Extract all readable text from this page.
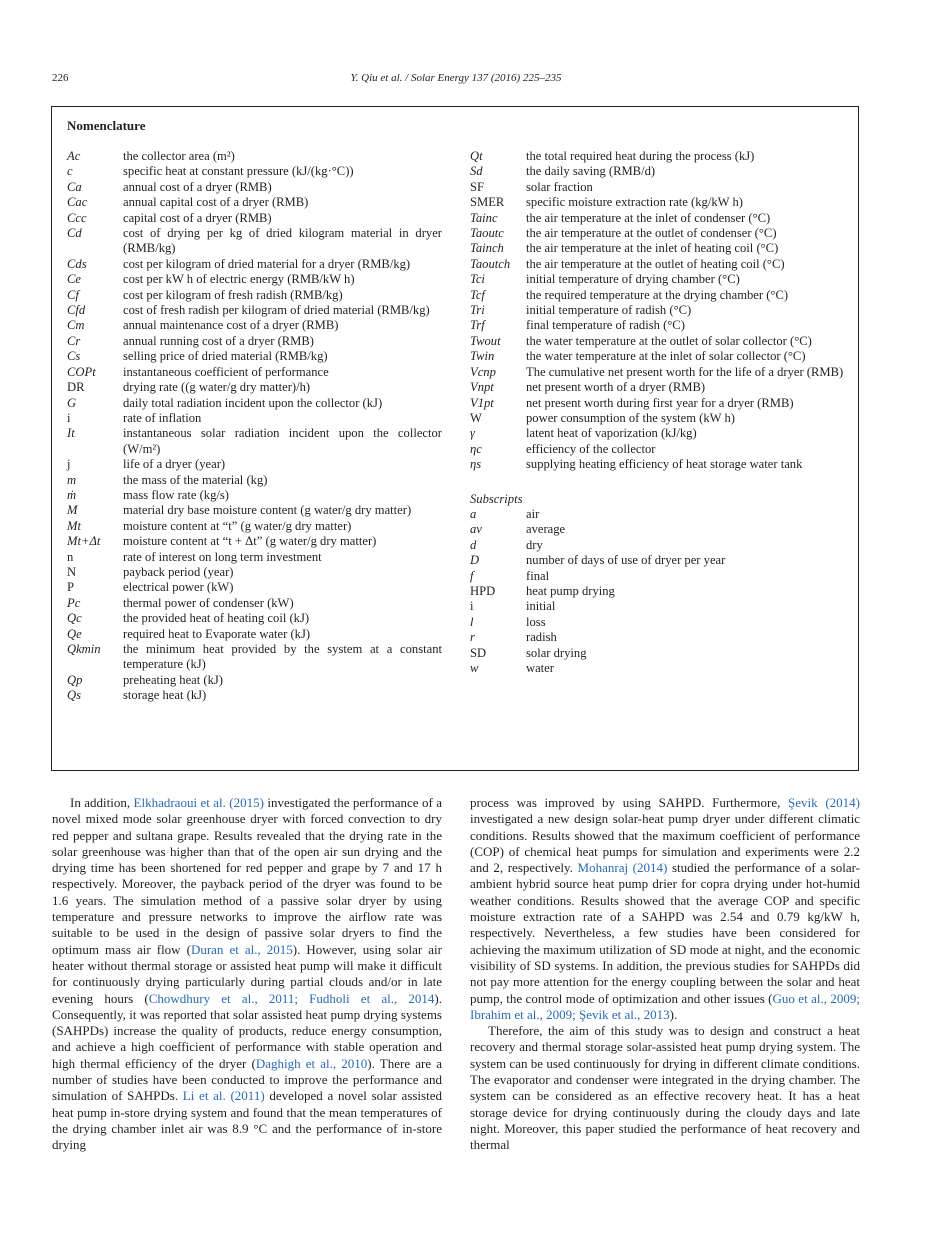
226	Y. Qiu et al. / Solar Energy 137 (2016) 225–235
Nomenclature
Ac	the collector area (m²)
c	specific heat at constant pressure (kJ/(kg·°C))
Ca	annual cost of a dryer (RMB)
Cac	annual capital cost of a dryer (RMB)
Ccc	capital cost of a dryer (RMB)
Cd	cost of drying per kg of dried kilogram material in dryer (RMB/kg)
Cds	cost per kilogram of dried material for a dryer (RMB/kg)
Ce	cost per kW h of electric energy (RMB/kW h)
Cf	cost per kilogram of fresh radish (RMB/kg)
Cfd	cost of fresh radish per kilogram of dried material (RMB/kg)
Cm	annual maintenance cost of a dryer (RMB)
Cr	annual running cost of a dryer (RMB)
Cs	selling price of dried material (RMB/kg)
COPt	instantaneous coefficient of performance
DR	drying rate ((g water/g dry matter)/h)
G	daily total radiation incident upon the collector (kJ)
i	rate of inflation
It	instantaneous solar radiation incident upon the collector (W/m²)
j	life of a dryer (year)
m	the mass of the material (kg)
ṁ	mass flow rate (kg/s)
M	material dry base moisture content (g water/g dry matter)
Mt	moisture content at “t” (g water/g dry matter)
Mt+Δt	moisture content at “t + Δt” (g water/g dry matter)
n	rate of interest on long term investment
N	payback period (year)
P	electrical power (kW)
Pc	thermal power of condenser (kW)
Qc	the provided heat of heating coil (kJ)
Qe	required heat to Evaporate water (kJ)
Qkmin	the minimum heat provided by the system at a constant temperature (kJ)
Qp	preheating heat (kJ)
Qs	storage heat (kJ)
Qt	the total required heat during the process (kJ)
Sd	the daily saving (RMB/d)
SF	solar fraction
SMER	specific moisture extraction rate (kg/kW h)
Tainc	the air temperature at the inlet of condenser (°C)
Taoutc	the air temperature at the outlet of condenser (°C)
Tainch	the air temperature at the inlet of heating coil (°C)
Taoutch	the air temperature at the outlet of heating coil (°C)
Tci	initial temperature of drying chamber (°C)
Tcf	the required temperature at the drying chamber (°C)
Tri	initial temperature of radish (°C)
Trf	final temperature of radish (°C)
Twout	the water temperature at the outlet of solar collector (°C)
Twin	the water temperature at the inlet of solar collector (°C)
Vcnp	The cumulative net present worth for the life of a dryer (RMB)
Vnpt	net present worth of a dryer (RMB)
V1pt	net present worth during first year for a dryer (RMB)
W	power consumption of the system (kW h)
γ	latent heat of vaporization (kJ/kg)
ηc	efficiency of the collector
ηs	supplying heating efficiency of heat storage water tank
Subscripts
a	air
av	average
d	dry
D	number of days of use of dryer per year
f	final
HPD	heat pump drying
i	initial
l	loss
r	radish
SD	solar drying
w	water

In addition, Elkhadraoui et al. (2015) investigated the performance of a novel mixed mode solar greenhouse dryer with forced convection to dry red pepper and sultana grape. Results revealed that the drying rate in the solar greenhouse was higher than that of the open air sun drying and the drying time has been shortened for red pepper and grape by 7 and 17 h respectively. Moreover, the payback period of the dryer was found to be 1.6 years. The simulation method of a passive solar dryer by using temperature and pressure networks to improve the airflow rate was suitable to be used in the design of passive solar dryers to find the optimum mass air flow (Duran et al., 2015). However, using solar air heater without thermal storage or assisted heat pump will make it difficult for continuously drying particularly during partial clouds and/or in late evening hours (Chowdhury et al., 2011; Fudholi et al., 2014). Consequently, it was reported that solar assisted heat pump drying systems (SAHPDs) increase the quality of products, reduce energy consumption, and achieve a high coefficient of performance with stable operation and high thermal efficiency of the dryer (Daghigh et al., 2010). There are a number of studies have been conducted to improve the performance and simulation of SAHPDs. Li et al. (2011) developed a novel solar assisted heat pump in-store drying system and found that the mean temperatures of the drying chamber inlet air was 8.9 °C and the performance of in-store drying

process was improved by using SAHPD. Furthermore, Şevik (2014) investigated a new design solar-heat pump dryer under different climatic conditions. Results showed that the maximum coefficient of performance (COP) of chemical heat pumps for simulation and experiments were 2.2 and 2, respectively. Mohanraj (2014) studied the performance of a solar-ambient hybrid source heat pump drier for copra drying under hot-humid weather conditions. Results showed that the average COP and specific moisture extraction rate of a SAHPD was 2.54 and 0.79 kg/kW h, respectively. Nevertheless, a few studies have been considered for achieving the maximum utilization of SD mode at night, and the economic visibility of SD systems. In addition, the previous studies for SAHPDs did not pay more attention for the energy coupling between the solar and heat pump, the control mode of optimization and other issues (Guo et al., 2009; Ibrahim et al., 2009; Şevik et al., 2013).

Therefore, the aim of this study was to design and construct a heat recovery and thermal storage solar-assisted heat pump drying system. The system can be used continuously for drying in different climate conditions. The evaporator and condenser were integrated in the drying chamber. The system can be considered as an effective recovery heat. It has a heat storage device for drying continuously during the cloudy days and late night. Moreover, this paper studied the performance of heat recovery and thermal
